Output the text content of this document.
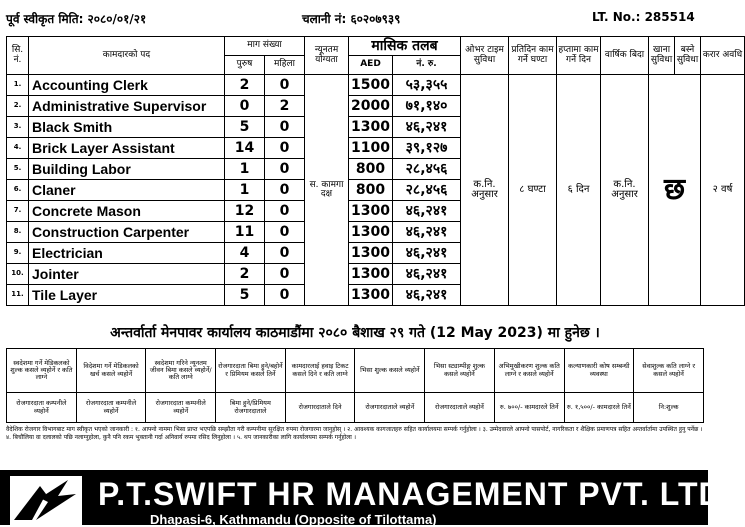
पूर्व स्वीकृत मिति: २०८०/०१/२१	चलानी नं: ६०२०७९३९	LT. No.: 285514
सि. नं.	कामदारको पद	माग संख्या		न्यूनतम योग्यता	मासिक तलब		ओभर टाइम सुविधा	प्रतिदिन काम गर्ने घण्टा	हप्तामा काम गर्ने दिन	वार्षिक बिदा	खाना सुविधा	बस्ने सुविधा	करार अवधि
		पुरुष	महिला		AED	नं. रु.							
1.	Accounting Clerk	2	0	स. कामगा दक्ष	1500	५३,३५५	क.नि. अनुसार	८ घण्टा	६ दिन	क.नि. अनुसार	छ		२ वर्ष
2.	Administrative Supervisor	0	2		2000	७१,१४०							
3.	Black Smith	5	0		1300	४६,२४१							
4.	Brick Layer Assistant	14	0		1100	३९,१२७							
5.	Building Labor	1	0		800	२८,४५६							
6.	Claner	1	0		800	२८,४५६							
7.	Concrete Mason	12	0		1300	४६,२४१							
8.	Construction Carpenter	11	0		1300	४६,२४१							
9.	Electrician	4	0		1300	४६,२४१							
10.	Jointer	2	0		1300	४६,२४१							
11.	Tile Layer	5	0		1300	४६,२४१							
अन्तर्वार्ता मेनपावर कार्यालय काठमाडौंमा २०८० बैशाख २९ गते (12 May 2023) मा हुनेछ ।
स्वदेशमा गर्ने मेडिकलको शुल्क कसले व्यहोर्ने र कति लाग्ने	विदेशमा गर्ने मेडिकलको खर्च कसले व्यहोर्ने	स्वदेशमा गरिने न्यूनतम जीवन बिमा कसले व्यहोर्ने/कति लाग्ने	रोजगारदाता बिमा हुने/बहोर्ने र प्रिमियम कसले तिर्ने	कामदारलाई हवाइ टिकट कसले दिने र कति लाग्ने	भिसा शुल्क कसले व्यहोर्ने	भिसा स्ट्याम्पीङ्ग शुल्क कसले व्यहोर्ने	अभिमुखीकरण शुल्क कति लाग्ने र कसले व्यहोर्ने	कल्याणकारी कोष सम्बन्धी व्यवस्था	सेवाशुल्क कति लाग्ने र कसले व्यहोर्ने
रोजगारदाता कम्पनीले व्यहोर्ने	रोजगारदाता कम्पनीले व्यहोर्ने	रोजगारदाता कम्पनीले व्यहोर्ने	बिमा हुने/प्रिमियम रोजगारदाताले	रोजगारदाताले दिने	रोजगारदाताले व्यहोर्ने	रोजगारदाताले व्यहोर्ने	रु. ७००/- कामदारले तिर्ने	रु. १,५००/- कामदारले तिर्ने	नि:शुल्क
वैदेशिक रोजगार विभागबाट माग स्वीकृत भएको जानकारी : १. आफ्नो नाममा भिसा प्राप्त भएपछि सम्झौता गरी कम्पनीमा सुरक्षित रुपमा रोजगारमा जानुहोस् । २. आवश्यक कागजातहरु सहित कार्यालयमा सम्पर्क गर्नुहोला । ३. उम्मेदवारले आफ्नो पासपोर्ट, नागरिकता र शैक्षिक प्रमाणपत्र सहित अन्तर्वार्तामा उपस्थित हुनु पर्नेछ । ४. बिचौलिया वा दलालको पछि नलाग्नुहोला, कुनै पनि रकम भुक्तानी गर्दा अनिवार्य रुपमा रसिद लिनुहोला । ५. थप जानकारीका लागि कार्यालयमा सम्पर्क गर्नुहोला ।
P.T.SWIFT HR MANAGEMENT PVT. LTD
Dhapasi-6, Kathmandu (Opposite of Tilottama)
